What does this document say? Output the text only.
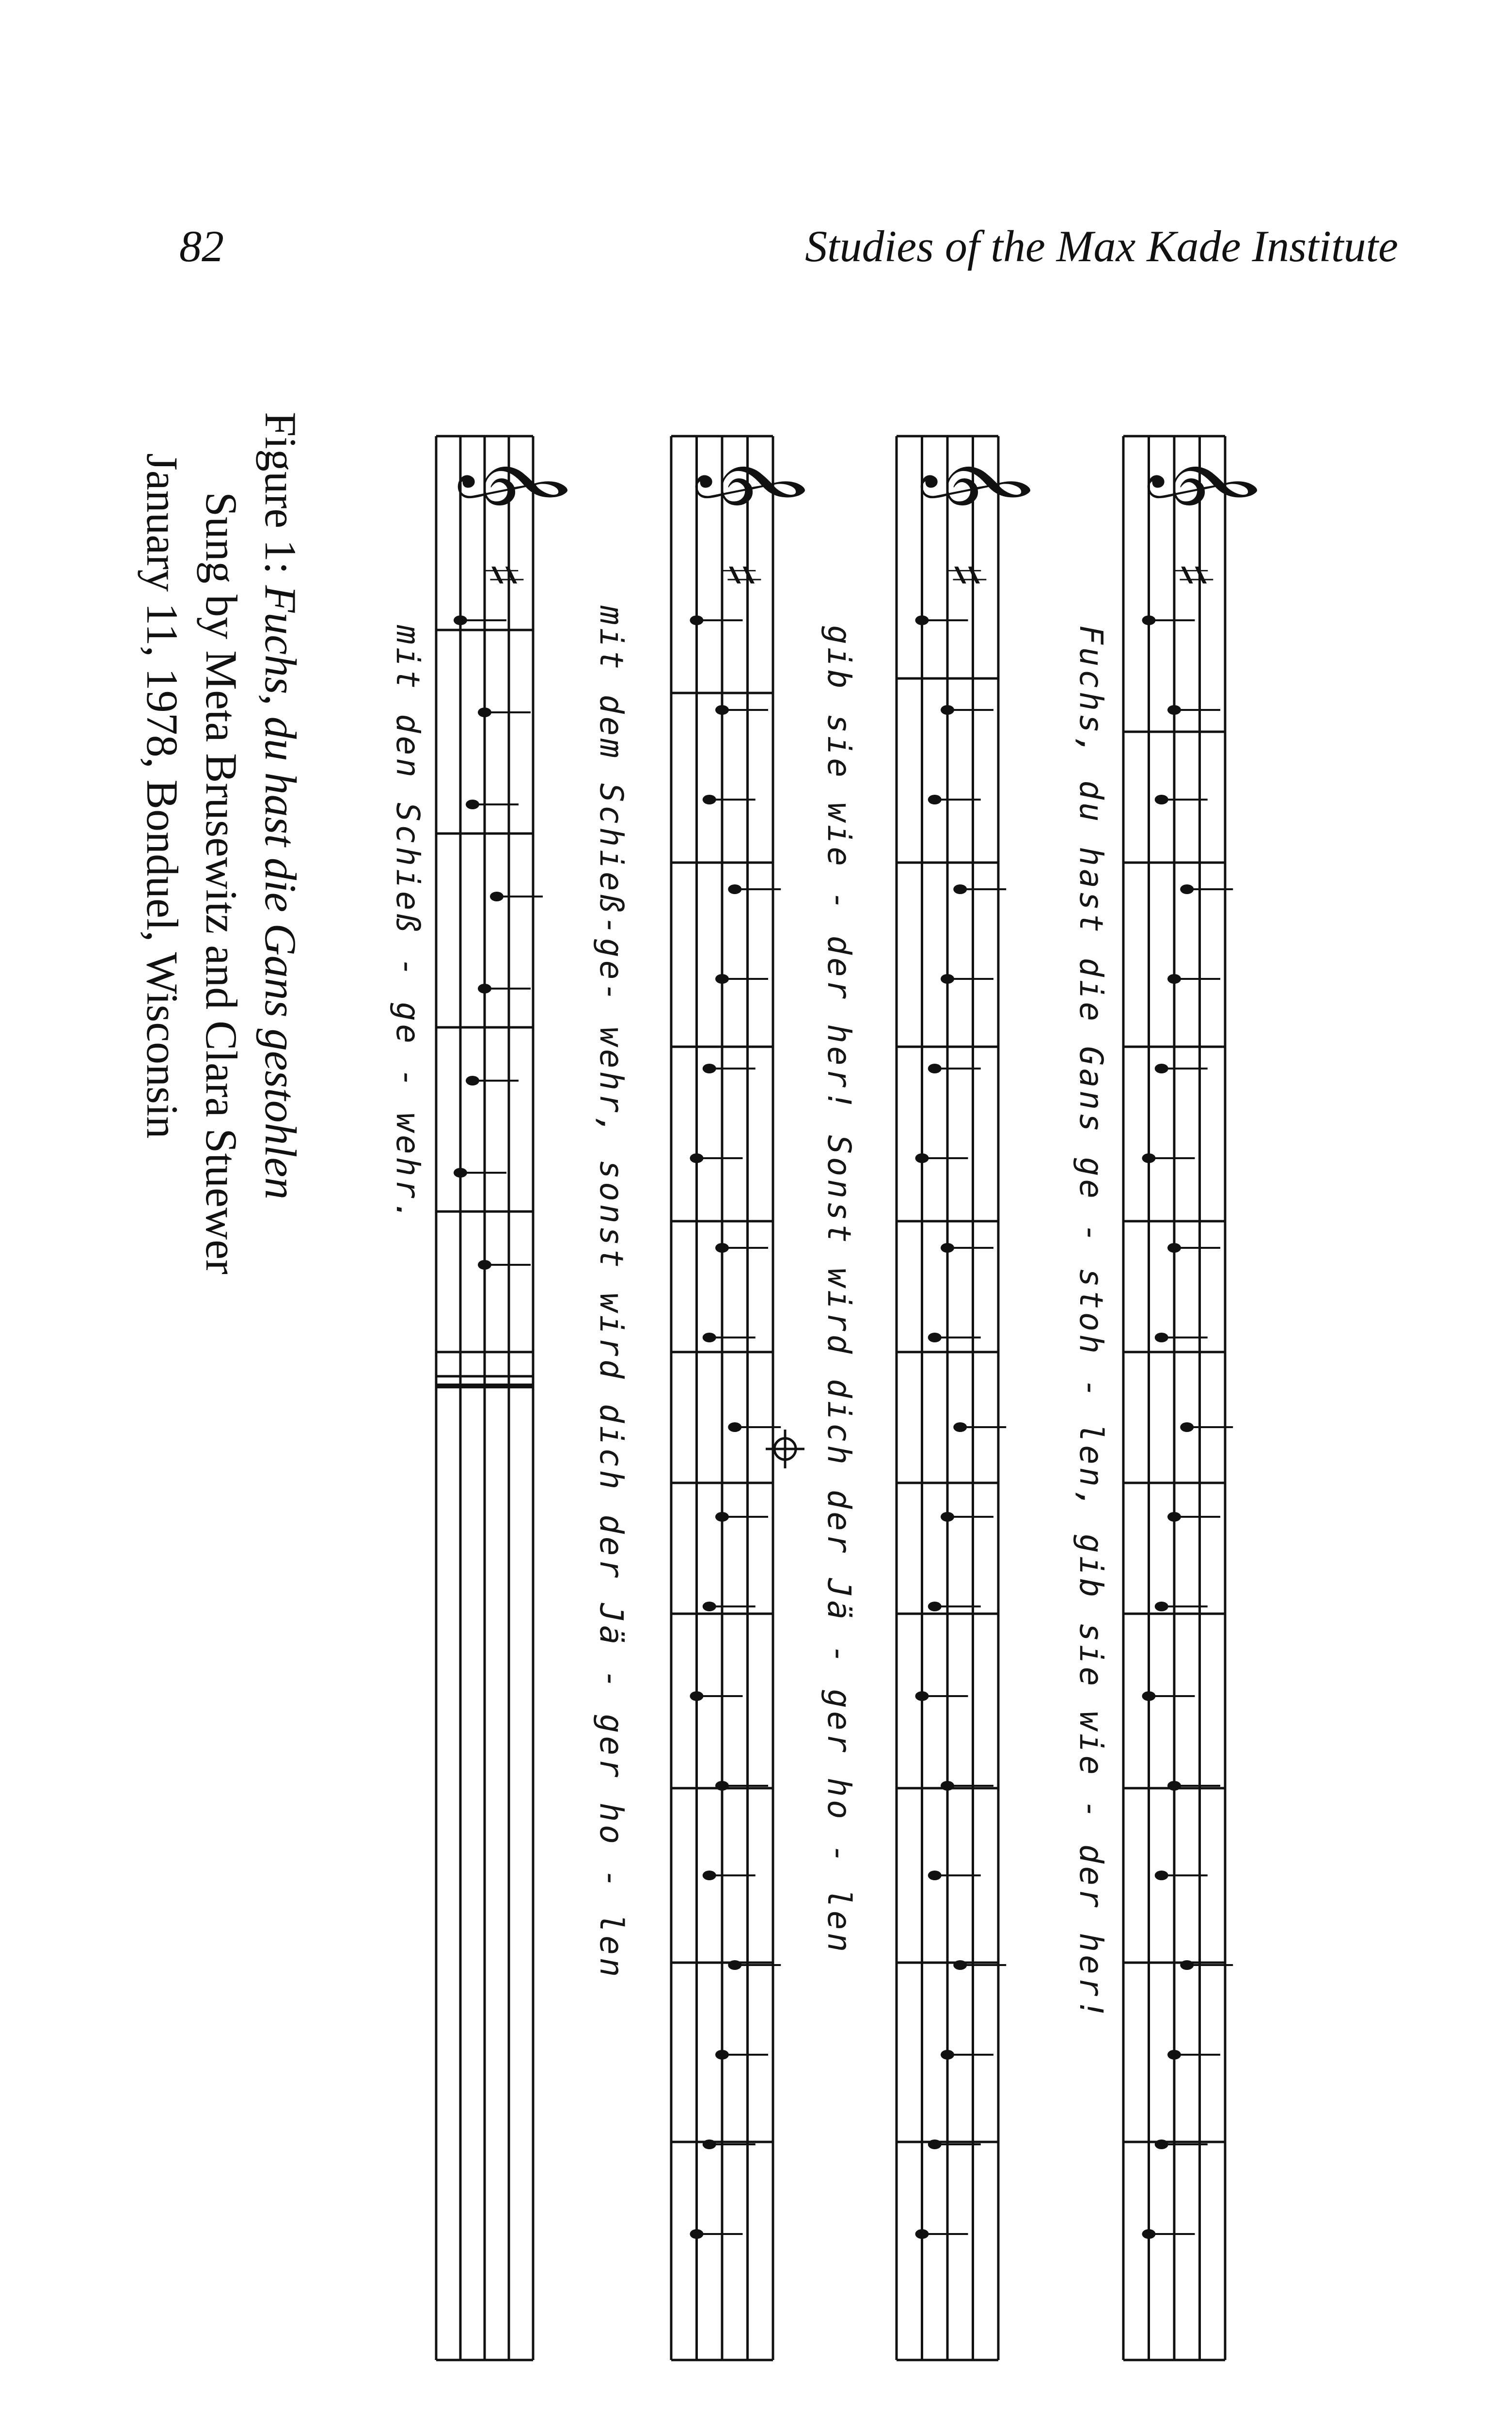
82	Studies of the Max Kade Institute
𝄞
♯
𝄞
♯
𝄞
♯
𝄞
♯
Fuchs, du hast die Gans ge - stoh - len, gib sie wie - der her!
gib sie wie - der her! Sonst wird dich der Jä - ger ho - len
mit dem Schieß-ge- wehr, sonst wird dich der Jä - ger ho - len
mit den Schieß - ge - wehr.
Figure 1: Fuchs, du hast die Gans gestohlen
Sung by Meta Brusewitz and Clara Stuewer
January 11, 1978, Bonduel, Wisconsin
